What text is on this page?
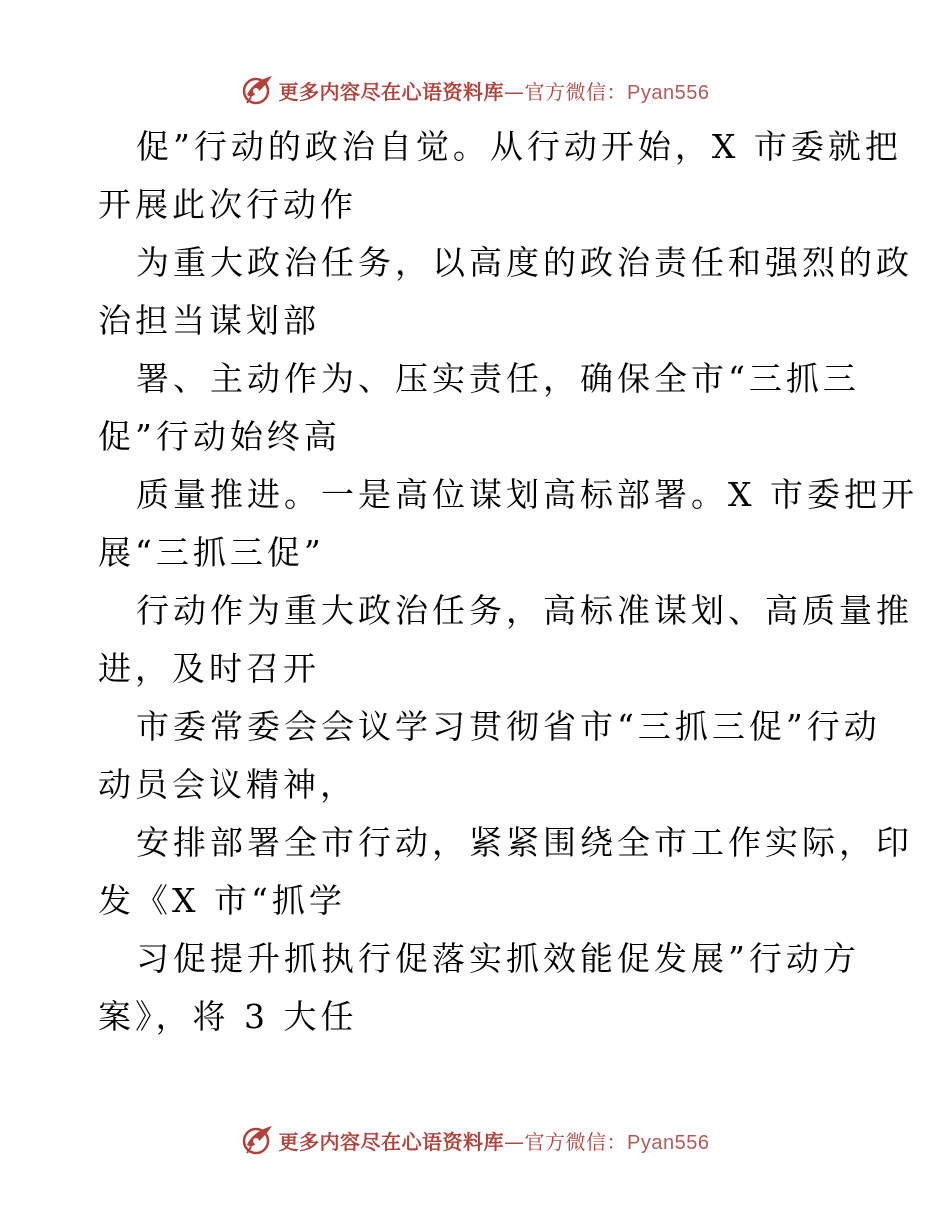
更多内容尽在心语资料库—官方微信：Pyan556
促”行动的政治自觉。从行动开始，X 市委就把
开展此次行动作
为重大政治任务，以高度的政治责任和强烈的政
治担当谋划部
署、主动作为、压实责任，确保全市“三抓三
促”行动始终高
质量推进。一是高位谋划高标部署。X 市委把开
展“三抓三促”
行动作为重大政治任务，高标准谋划、高质量推
进，及时召开
市委常委会会议学习贯彻省市“三抓三促”行动
动员会议精神，
安排部署全市行动，紧紧围绕全市工作实际，印
发《X 市“抓学
习促提升抓执行促落实抓效能促发展”行动方
案》，将 3 大任
更多内容尽在心语资料库—官方微信：Pyan556
